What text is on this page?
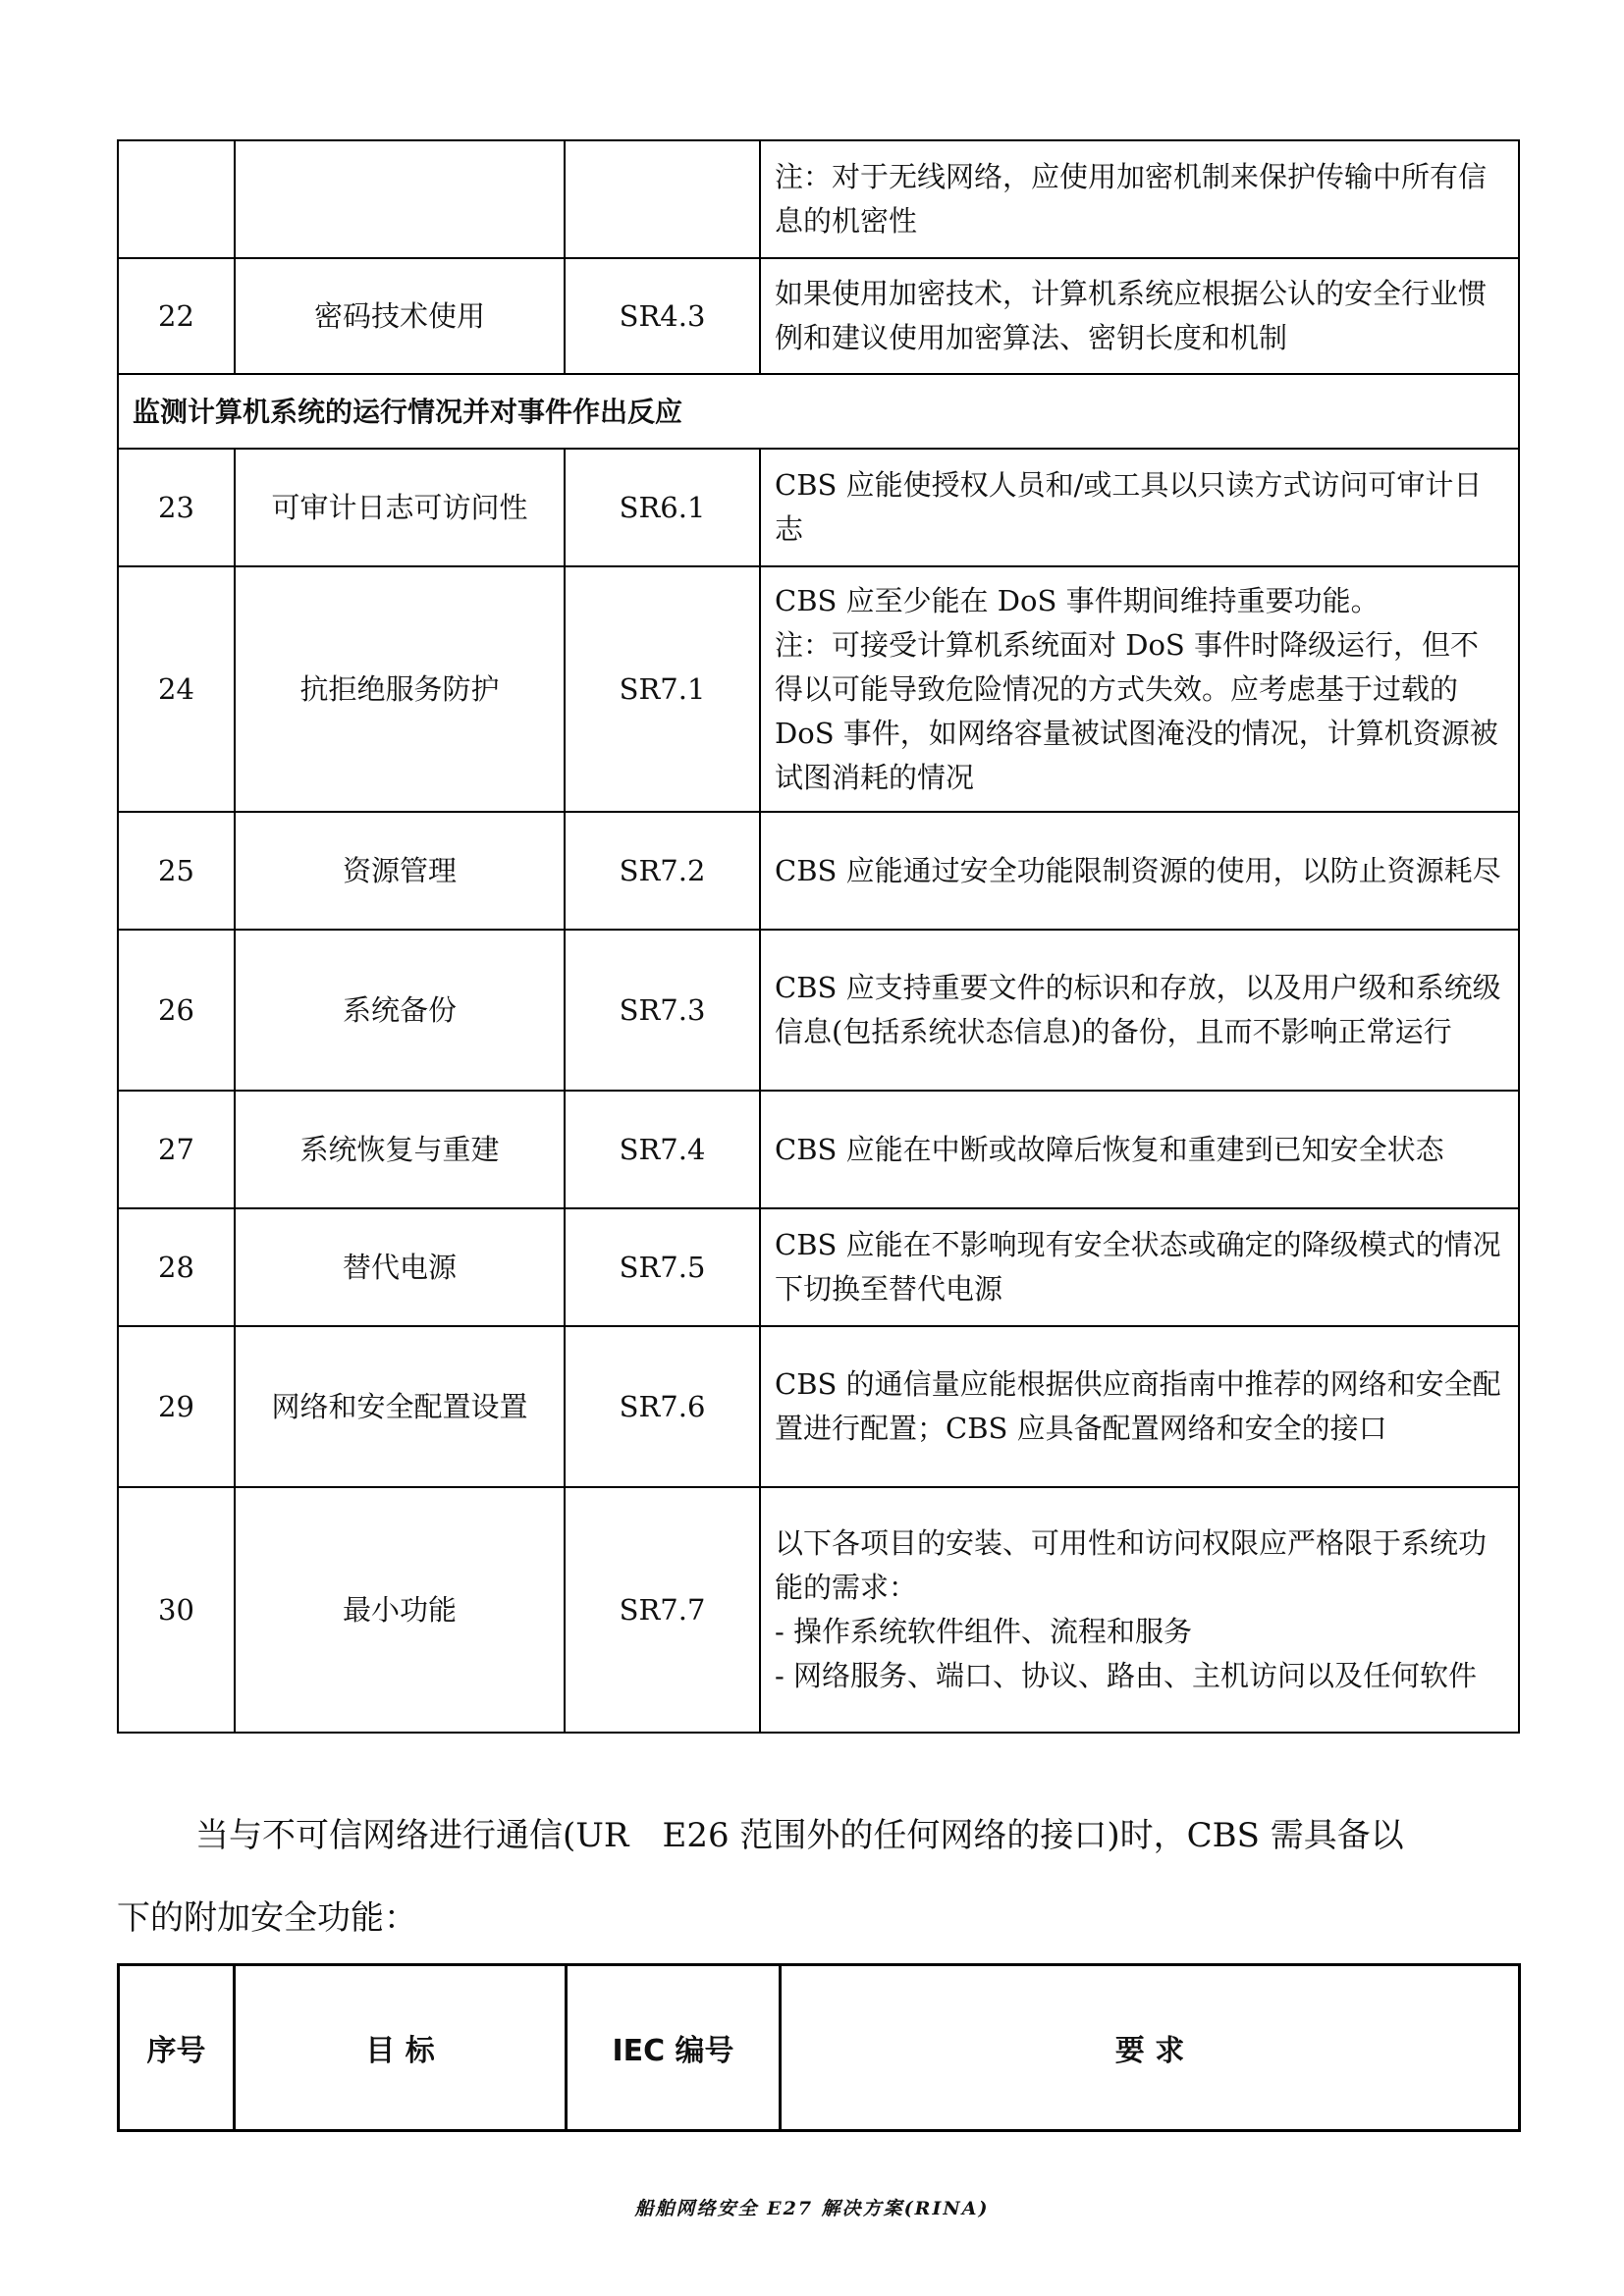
			注：对于无线网络，应使用加密机制来保护传输中所有信息的机密性
22	密码技术使用	SR4.3	如果使用加密技术，计算机系统应根据公认的安全行业惯例和建议使用加密算法、密钥长度和机制
监测计算机系统的运行情况并对事件作出反应			
23	可审计日志可访问性	SR6.1	CBS 应能使授权人员和/或工具以只读方式访问可审计日志
24	抗拒绝服务防护	SR7.1	CBS 应至少能在 DoS 事件期间维持重要功能。
注：可接受计算机系统面对 DoS 事件时降级运行，但不得以可能导致危险情况的方式失效。应考虑基于过载的 DoS 事件，如网络容量被试图淹没的情况，计算机资源被试图消耗的情况
25	资源管理	SR7.2	CBS 应能通过安全功能限制资源的使用，以防止资源耗尽
26	系统备份	SR7.3	CBS 应支持重要文件的标识和存放，以及用户级和系统级信息(包括系统状态信息)的备份，且而不影响正常运行
27	系统恢复与重建	SR7.4	CBS 应能在中断或故障后恢复和重建到已知安全状态
28	替代电源	SR7.5	CBS 应能在不影响现有安全状态或确定的降级模式的情况下切换至替代电源
29	网络和安全配置设置	SR7.6	CBS 的通信量应能根据供应商指南中推荐的网络和安全配置进行配置；CBS 应具备配置网络和安全的接口
30	最小功能	SR7.7	以下各项目的安装、可用性和访问权限应严格限于系统功能的需求：
- 操作系统软件组件、流程和服务
- 网络服务、端口、协议、路由、主机访问以及任何软件
当与不可信网络进行通信(UR　E26 范围外的任何网络的接口)时，CBS 需具备以
下的附加安全功能：
序号	目 标	IEC 编号	要 求
船舶网络安全 E27 解决方案(RINA)
